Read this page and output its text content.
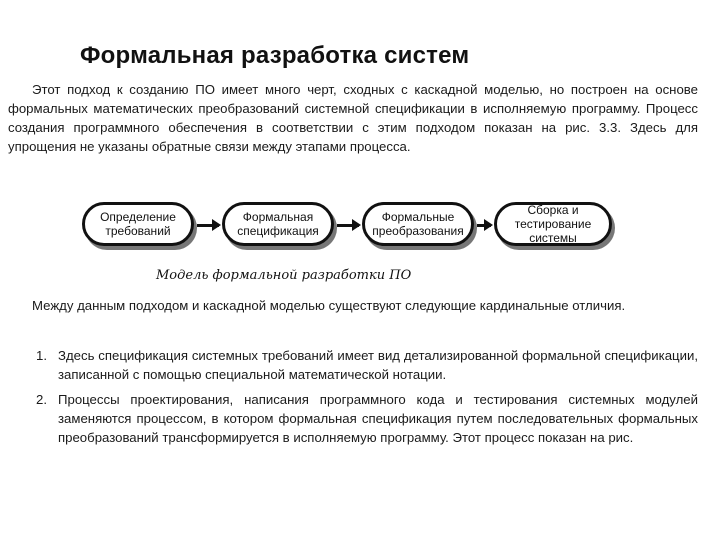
Формальная разработка систем
Этот подход к созданию ПО имеет много черт, сходных с каскадной моделью, но построен на основе формальных математических преобразований системной спецификации в исполняемую программу. Процесс создания программного обеспечения в соответствии с этим подходом показан на рис. 3.3. Здесь для упрощения не указаны обратные связи между этапами процесса.
Определение требований
Формальная спецификация
Формальные преобразования
Сборка и тестирование системы
Модель формальной разработки ПО
Между данным подходом и каскадной моделью существуют следующие кардинальные отличия.
1. Здесь спецификация системных требований имеет вид детализированной формальной спецификации, записанной с помощью специальной математической нотации.
2. Процессы проектирования, написания программного кода и тестирования системных модулей заменяются процессом, в котором формальная спецификация путем последовательных формальных преобразований трансформируется в исполняемую программу. Этот процесс показан на рис.
